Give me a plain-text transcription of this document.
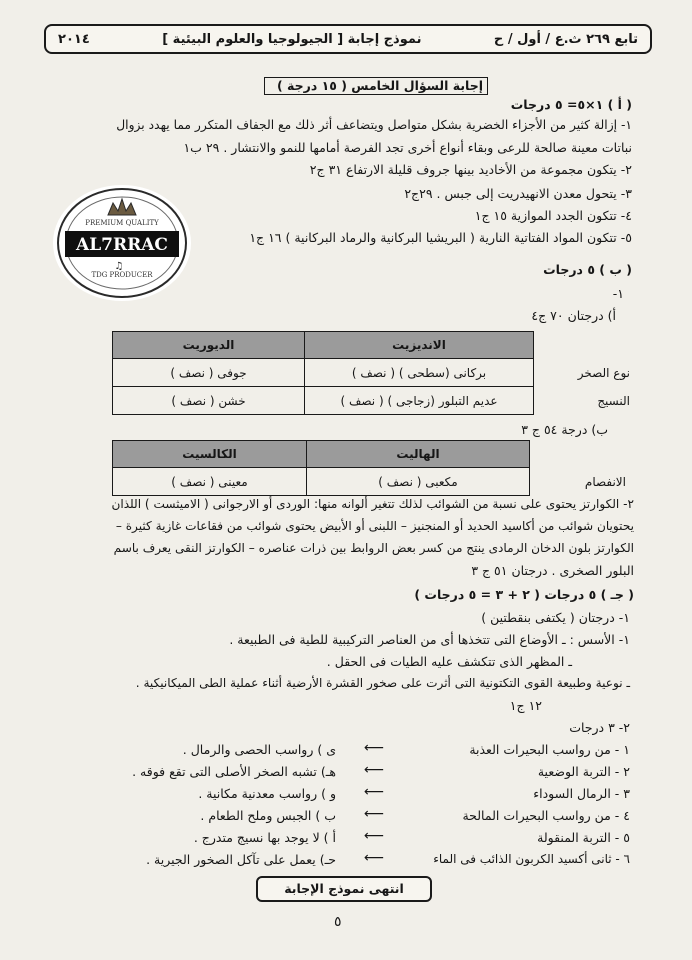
تابع ٢٦٩ ث.ع / أول / ح
نموذج إجابة [ الجيولوجيا والعلوم البيئية ]
٢٠١٤
إجابة السؤال الخامس ( ١٥ درجة )
( أ ) ١×٥= ٥ درجات
١- إزالة كثير من الأجزاء الخضرية بشكل متواصل ويتضاعف أثر ذلك مع الجفاف المتكرر مما يهدد بزوال
نباتات معينة صالحة للرعى وبقاء أنواع أخرى تجد الفرصة أمامها للنمو والانتشار . ٢٩ ب١
٢- يتكون مجموعة من الأخاديد بينها جروف قليلة الارتفاع ٣١ ج٢
٣- يتحول معدن الانهيدريت إلى جبس . ٢٩ج٢
٤- تتكون الجدد الموازية ١٥ ج١
٥- تتكون المواد الفتاتية النارية ( البريشيا البركانية والرماد البركانية ) ١٦ ج١
( ب ) ٥ درجات
١-
أ) درجتان ٧٠ ج٤
	الانديزيت	الديوريت
نوع الصخر	بركانى (سطحى ) ( نصف )	جوفى ( نصف )
النسيج	عديم التبلور (زجاجى ) ( نصف )	خشن ( نصف )
ب) درجة ٥٤ ج ٣
	الهاليت	الكالسيت
الانفصام	مكعبى ( نصف )	معينى ( نصف )
٢- الكوارتز يحتوى على نسبة من الشوائب لذلك تتغير ألوانه منها: الوردى أو الارجوانى ( الاميثست ) اللذان
يحتويان شوائب من أكاسيد الحديد أو المنجنيز – اللبنى أو الأبيض يحتوى شوائب من فقاعات غازية كثيرة –
الكوارتز بلون الدخان الرمادى ينتج من كسر بعض الروابط بين ذرات عناصره – الكوارتز النقى يعرف باسم
البلور الصخرى . درجتان ٥١ ج ٣
( جـ ) ٥ درجات ( ٢ + ٣ = ٥ درجات )
١- درجتان ( يكتفى بنقطتين )
١- الأسس : ـ الأوضاع التى تتخذها أى من العناصر التركيبية للطية فى الطبيعة .
ـ المظهر الذى تتكشف عليه الطيات فى الحقل .
ـ نوعية وطبيعة القوى التكتونية التى أثرت على صخور القشرة الأرضية أثناء عملية الطى الميكانيكية .
١٢ ج١
٢- ٣ درجات
١ - من رواسب البحيرات العذبة
⟵
ى ) رواسب الحصى والرمال .
٢ - التربة الوضعية
⟵
هـ) تشبه الصخر الأصلى التى تقع فوقه .
٣ - الرمال السوداء
⟵
و ) رواسب معدنية مكانية .
٤ - من رواسب البحيرات المالحة
⟵
ب ) الجبس وملح الطعام .
٥ - التربة المنقولة
⟵
أ ) لا يوجد بها نسيج متدرج .
٦ - ثانى أكسيد الكربون الذائب فى الماء
⟵
حـ) يعمل على تآكل الصخور الجيرية .
انتهى نموذج الإجابة
٥
AL7RRAC
PREMIUM QUALITY
TDG PRODUCER
♫
